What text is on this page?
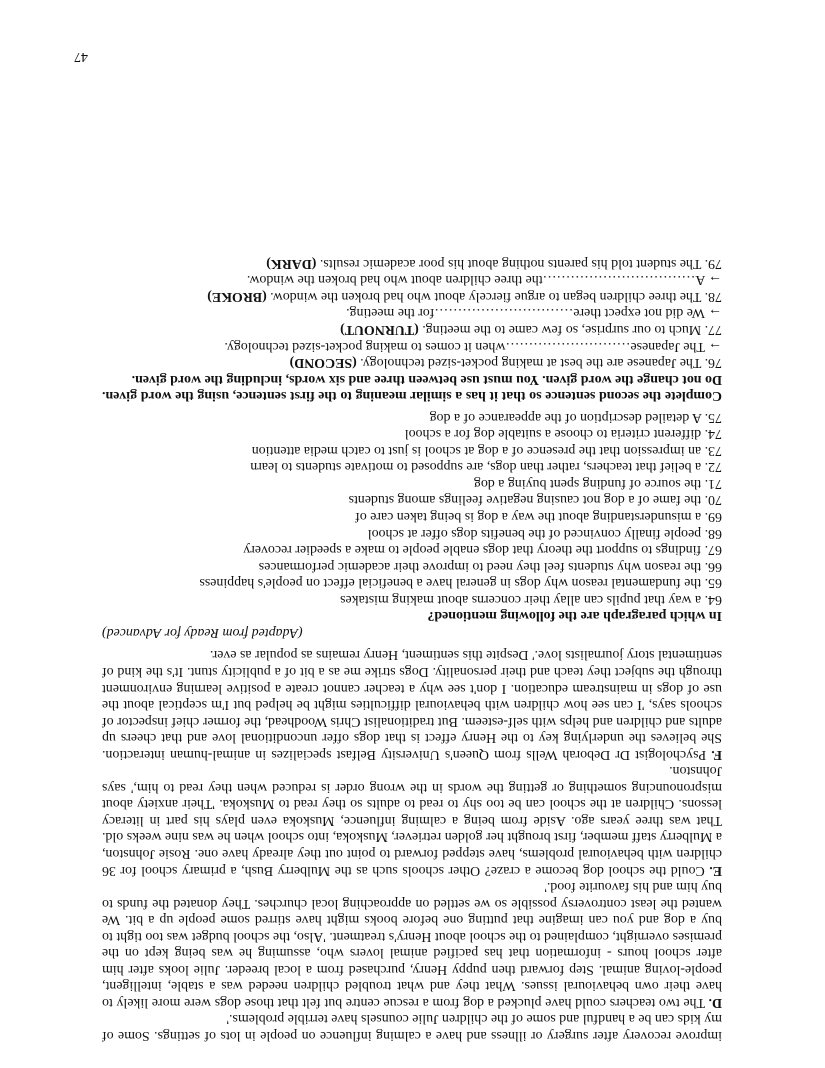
improve recovery after surgery or illness and have a calming influence on people in lots of settings. Some of my kids can be a handful and some of the children Julie counsels have terrible problems.'

D. The two teachers could have plucked a dog from a rescue centre but felt that those dogs were more likely to have their own behavioural issues. What they and what troubled children needed was a stable, intelligent, people-loving animal. Step forward then puppy Henry, purchased from a local breeder. Julie looks after him after school hours - information that has pacified animal lovers who, assuming he was being kept on the premises overnight, complained to the school about Henry's treatment. 'Also, the school budget was too tight to buy a dog and you can imagine that putting one before books might have stirred some people up a bit. We wanted the least controversy possible so we settled on approaching local churches. They donated the funds to buy him and his favourite food.'

E. Could the school dog become a craze? Other schools such as the Mulberry Bush, a primary school for 36 children with behavioural problems, have stepped forward to point out they already have one. Rosie Johnston, a Mulberry staff member, first brought her golden retriever, Muskoka, into school when he was nine weeks old. That was three years ago. Aside from being a calming influence, Muskoka even plays his part in literacy lessons. Children at the school can be too shy to read to adults so they read to Muskoka. 'Their anxiety about mispronouncing something or getting the words in the wrong order is reduced when they read to him,' says Johnston.

F. Psychologist Dr Deborah Wells from Queen's University Belfast specializes in animal-human interaction. She believes the underlying key to the Henry effect is that dogs offer unconditional love and that cheers up adults and children and helps with self-esteem. But traditionalist Chris Woodhead, the former chief inspector of schools says, 'I can see how children with behavioural difficulties might be helped but I'm sceptical about the use of dogs in mainstream education. I don't see why a teacher cannot create a positive learning environment through the subject they teach and their personality. Dogs strike me as a bit of a publicity stunt. It's the kind of sentimental story journalists love.' Despite this sentiment, Henry remains as popular as ever.

(Adapted from Ready for Advanced)

In which paragraph are the following mentioned?

64. a way that pupils can allay their concerns about making mistakes

65. the fundamental reason why dogs in general have a beneficial effect on people's happiness

66. the reason why students feel they need to improve their academic performances

67. findings to support the theory that dogs enable people to make a speedier recovery

68. people finally convinced of the benefits dogs offer at school

69. a misunderstanding about the way a dog is being taken care of

70. the fame of a dog not causing negative feelings among students

71. the source of funding spent buying a dog

72. a belief that teachers, rather than dogs, are supposed to motivate students to learn

73. an impression that the presence of a dog at school is just to catch media attention

74. different criteria to choose a suitable dog for a school

75. A detailed description of the appearance of a dog

Complete the second sentence so that it has a similar meaning to the first sentence, using the word given. Do not change the word given. You must use between three and six words, including the word given.

76. The Japanese are the best at making pocket-sized technology. (SECOND)

→ The Japanese………………………when it comes to making pocket-sized technology.

77. Much to our surprise, so few came to the meeting. (TURNOUT)

→ We did not expect there…………………………for the meeting.

78. The three children began to argue fiercely about who had broken the window. (BROKE)

→ A……………………………the three children about who had broken the window.

79. The student told his parents nothing about his poor academic results. (DARK)

47
